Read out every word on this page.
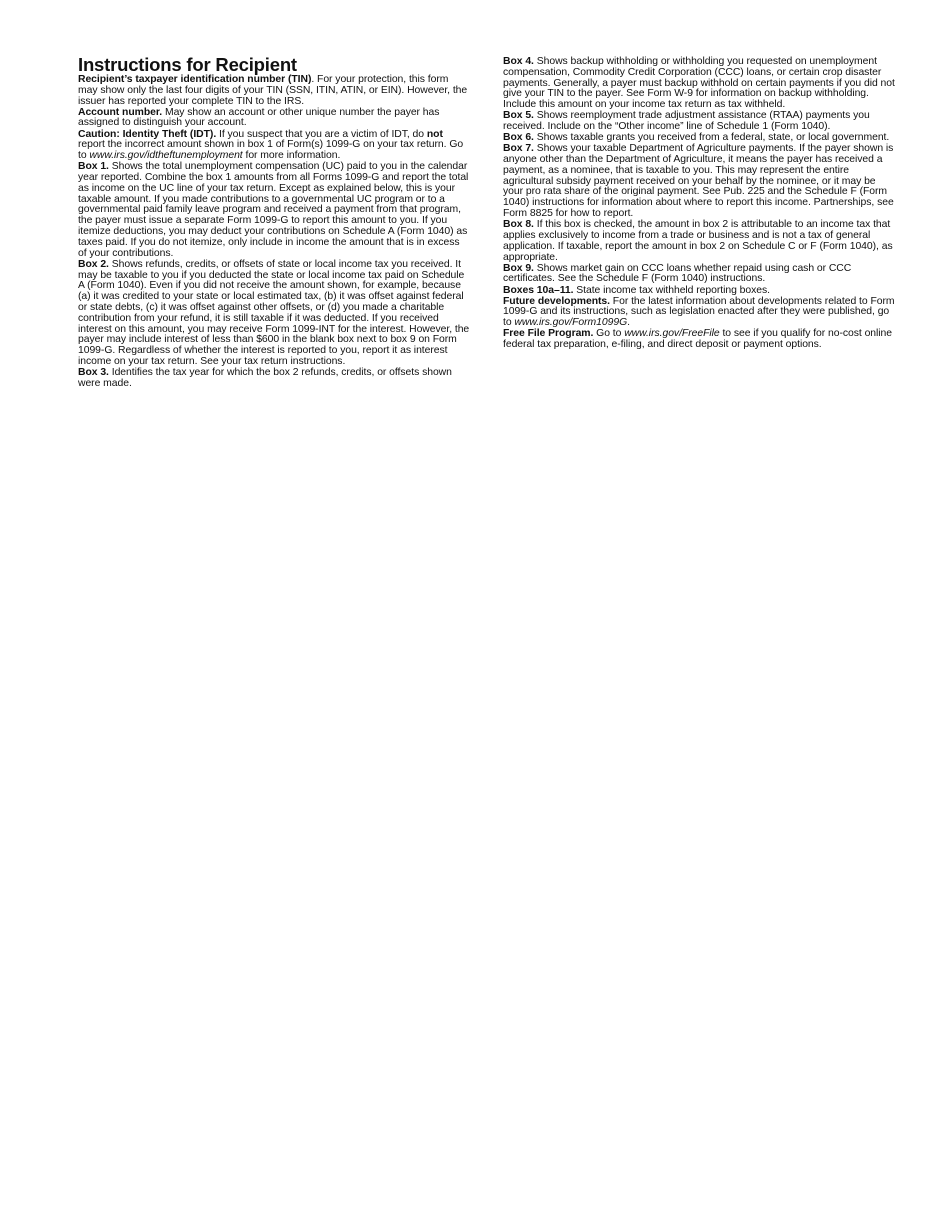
Instructions for Recipient

Recipient’s taxpayer identification number (TIN). For your protection, this form may show only the last four digits of your TIN (SSN, ITIN, ATIN, or EIN). However, the issuer has reported your complete TIN to the IRS.

Account number. May show an account or other unique number the payer has assigned to distinguish your account.

Caution: Identity Theft (IDT). If you suspect that you are a victim of IDT, do not report the incorrect amount shown in box 1 of Form(s) 1099-G on your tax return. Go to www.irs.gov/idtheftunemployment for more information.

Box 1. Shows the total unemployment compensation (UC) paid to you in the calendar year reported. Combine the box 1 amounts from all Forms 1099-G and report the total as income on the UC line of your tax return. Except as explained below, this is your taxable amount. If you made contributions to a governmental UC program or to a governmental paid family leave program and received a payment from that program, the payer must issue a separate Form 1099-G to report this amount to you. If you itemize deductions, you may deduct your contributions on Schedule A (Form 1040) as taxes paid. If you do not itemize, only include in income the amount that is in excess of your contributions.

Box 2. Shows refunds, credits, or offsets of state or local income tax you received. It may be taxable to you if you deducted the state or local income tax paid on Schedule A (Form 1040). Even if you did not receive the amount shown, for example, because (a) it was credited to your state or local estimated tax, (b) it was offset against federal or state debts, (c) it was offset against other offsets, or (d) you made a charitable contribution from your refund, it is still taxable if it was deducted. If you received interest on this amount, you may receive Form 1099-INT for the interest. However, the payer may include interest of less than $600 in the blank box next to box 9 on Form 1099-G. Regardless of whether the interest is reported to you, report it as interest income on your tax return. See your tax return instructions.

Box 3. Identifies the tax year for which the box 2 refunds, credits, or offsets shown were made.

Box 4. Shows backup withholding or withholding you requested on unemployment compensation, Commodity Credit Corporation (CCC) loans, or certain crop disaster payments. Generally, a payer must backup withhold on certain payments if you did not give your TIN to the payer. See Form W-9 for information on backup withholding. Include this amount on your income tax return as tax withheld.

Box 5. Shows reemployment trade adjustment assistance (RTAA) payments you received. Include on the “Other income” line of Schedule 1 (Form 1040).

Box 6. Shows taxable grants you received from a federal, state, or local government.

Box 7. Shows your taxable Department of Agriculture payments. If the payer shown is anyone other than the Department of Agriculture, it means the payer has received a payment, as a nominee, that is taxable to you. This may represent the entire agricultural subsidy payment received on your behalf by the nominee, or it may be your pro rata share of the original payment. See Pub. 225 and the Schedule F (Form 1040) instructions for information about where to report this income. Partnerships, see Form 8825 for how to report.

Box 8. If this box is checked, the amount in box 2 is attributable to an income tax that applies exclusively to income from a trade or business and is not a tax of general application. If taxable, report the amount in box 2 on Schedule C or F (Form 1040), as appropriate.

Box 9. Shows market gain on CCC loans whether repaid using cash or CCC certificates. See the Schedule F (Form 1040) instructions.

Boxes 10a–11. State income tax withheld reporting boxes.

Future developments. For the latest information about developments related to Form 1099-G and its instructions, such as legislation enacted after they were published, go to www.irs.gov/Form1099G.

Free File Program. Go to www.irs.gov/FreeFile to see if you qualify for no-cost online federal tax preparation, e-filing, and direct deposit or payment options.
